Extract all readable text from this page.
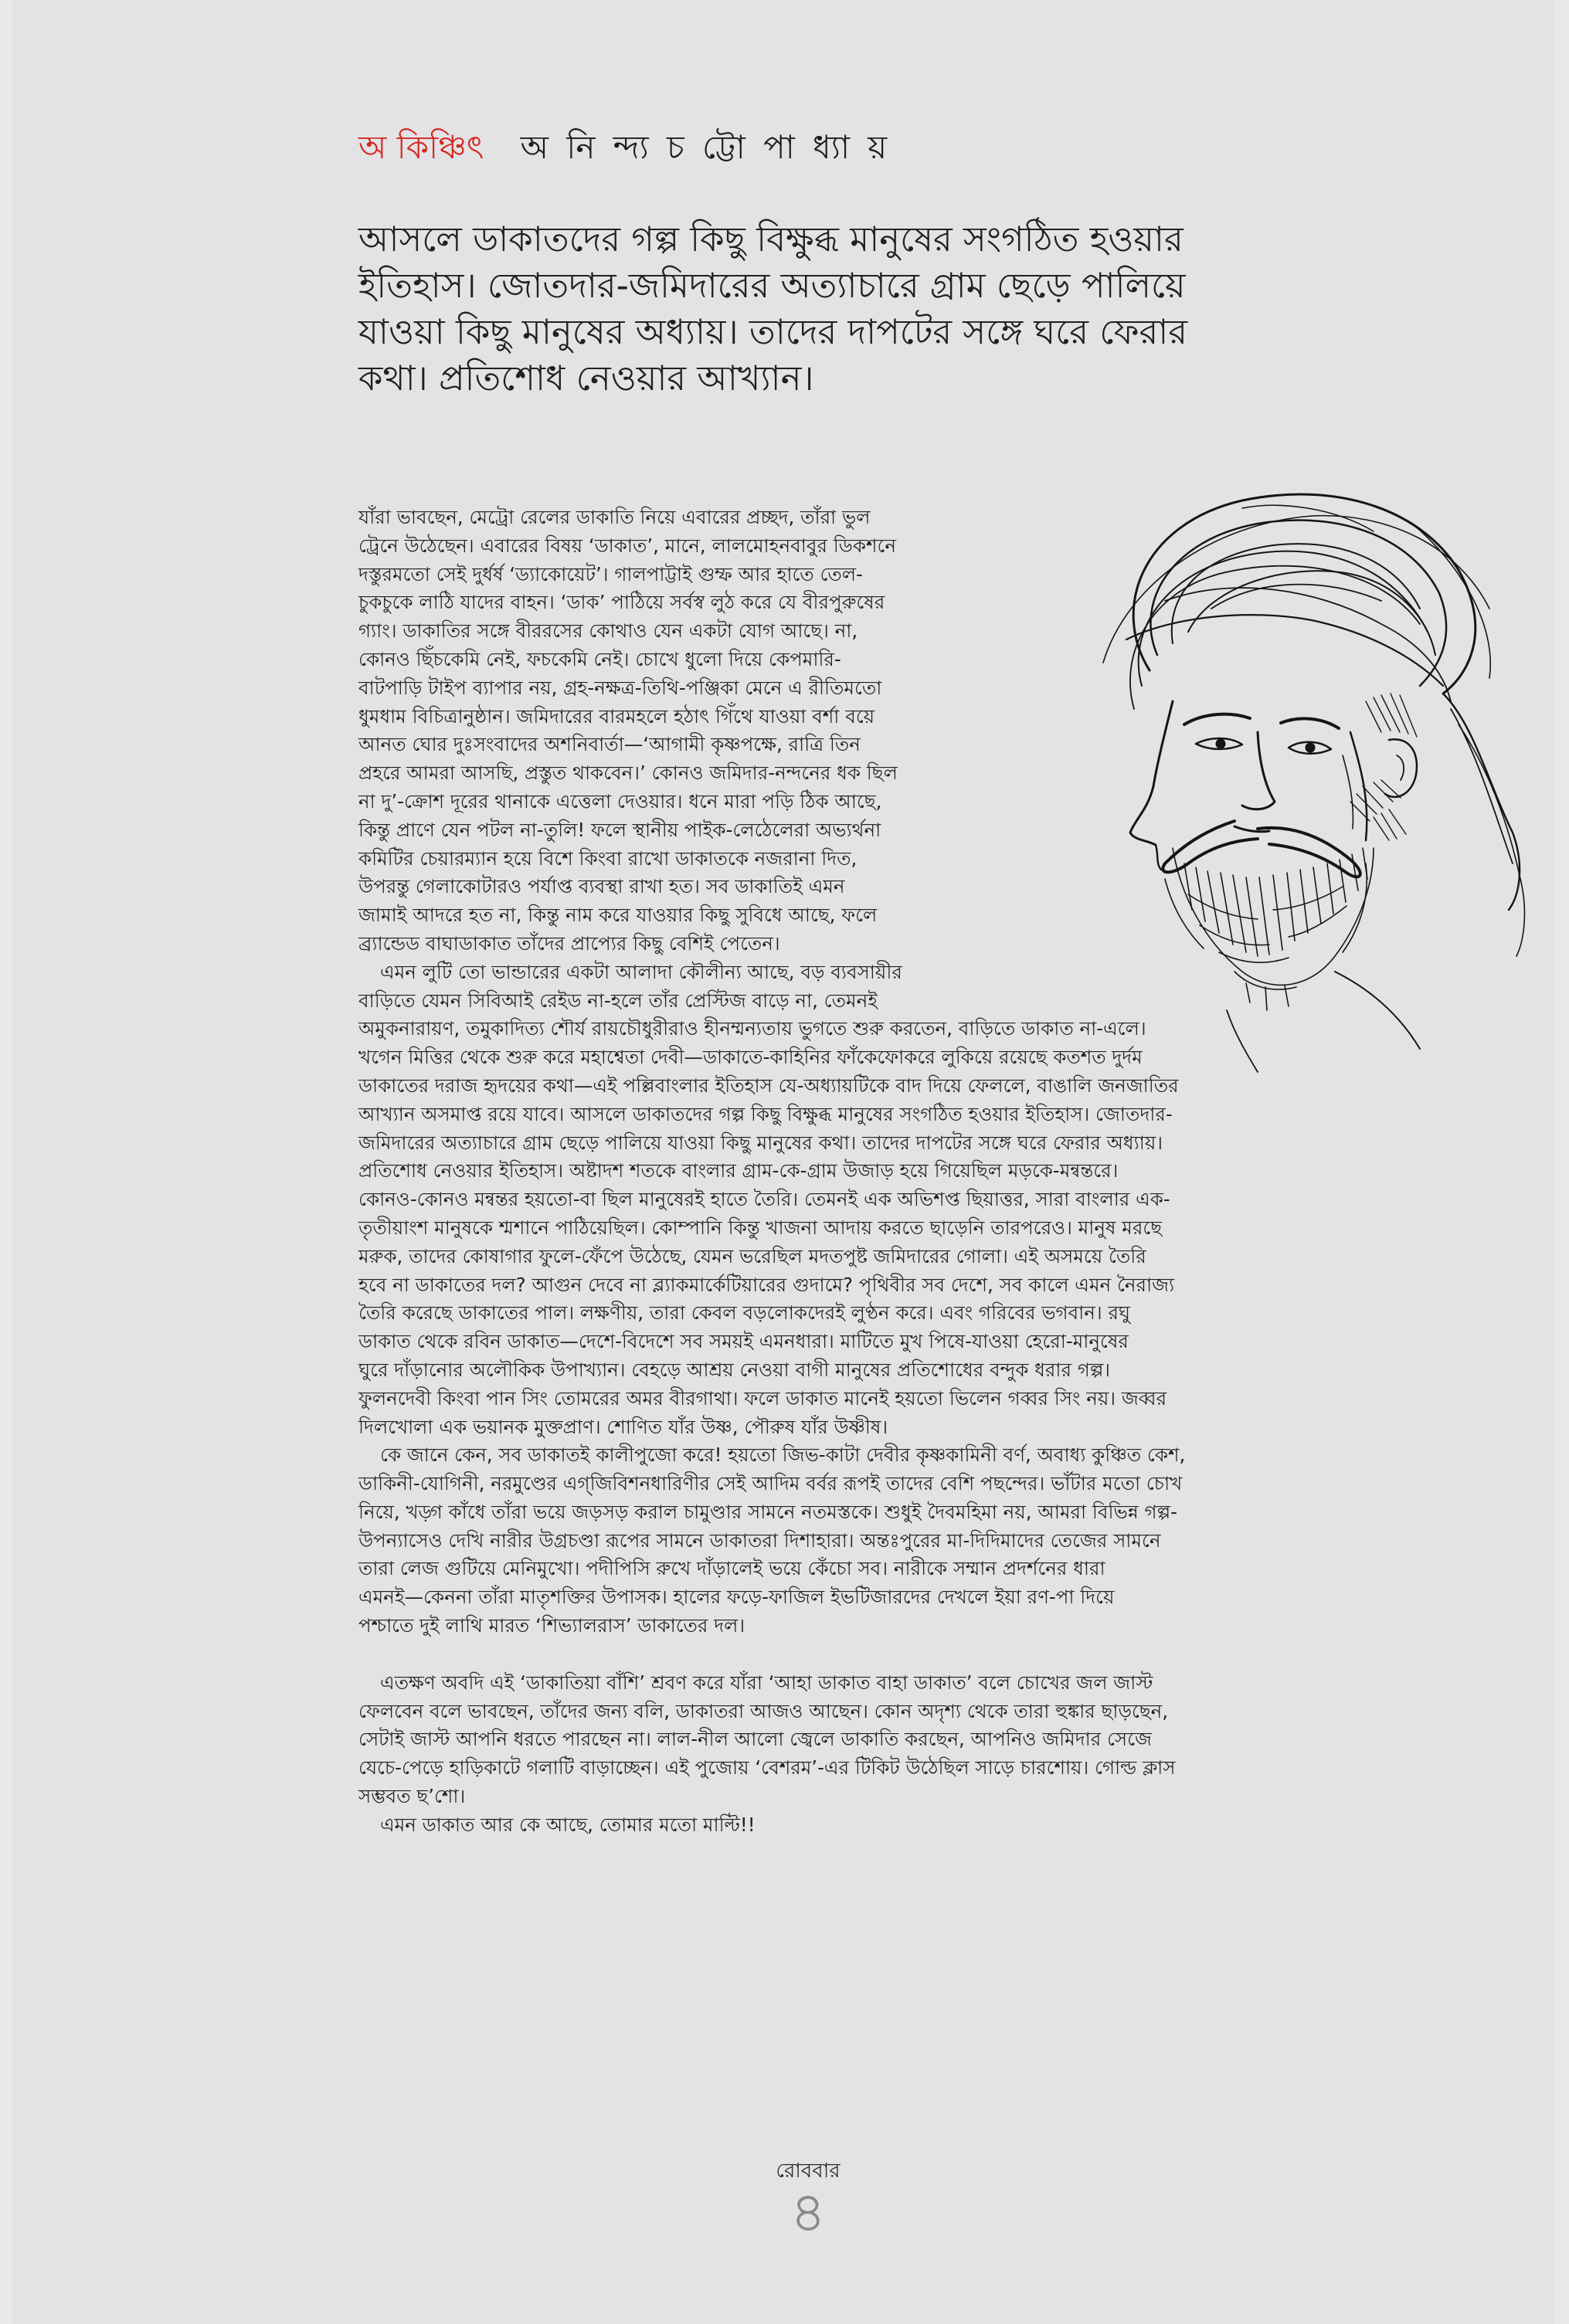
অ কিঞ্চিৎ অ নি ন্দ্য চ ট্টো পা ধ্যা য়

আসলে ডাকাতদের গল্প কিছু বিক্ষুব্ধ মানুষের সংগঠিত হওয়ার

ইতিহাস। জোতদার-জমিদারের অত্যাচারে গ্রাম ছেড়ে পালিয়ে

যাওয়া কিছু মানুষের অধ্যায়। তাদের দাপটের সঙ্গে ঘরে ফেরার

কথা। প্রতিশোধ নেওয়ার আখ্যান।

যাঁরা ভাবছেন, মেট্রো রেলের ডাকাতি নিয়ে এবারের প্রচ্ছদ, তাঁরা ভুল

ট্রেনে উঠেছেন। এবারের বিষয় ‘ডাকাত’, মানে, লালমোহনবাবুর ডিকশনে

দস্তুরমতো সেই দুর্ধর্ষ ‘ড্যাকোয়েট’। গালপাট্টাই গুম্ফ আর হাতে তেল-

চুকচুকে লাঠি যাদের বাহন। ‘ডাক’ পাঠিয়ে সর্বস্ব লুঠ করে যে বীরপুরুষের

গ্যাং। ডাকাতির সঙ্গে বীররসের কোথাও যেন একটা যোগ আছে। না,

কোনও ছিঁচকেমি নেই, ফচকেমি নেই। চোখে ধুলো দিয়ে কেপমারি-

বাটপাড়ি টাইপ ব্যাপার নয়, গ্রহ-নক্ষত্র-তিথি-পঞ্জিকা মেনে এ রীতিমতো

ধুমধাম বিচিত্রানুষ্ঠান। জমিদারের বারমহলে হঠাৎ গিঁথে যাওয়া বর্শা বয়ে

আনত ঘোর দুঃসংবাদের অশনিবার্তা—‘আগামী কৃষ্ণপক্ষে, রাত্রি তিন

প্রহরে আমরা আসছি, প্রস্তুত থাকবেন।’ কোনও জমিদার-নন্দনের ধক ছিল

না দু’-ক্রোশ দূরের থানাকে এত্তেলা দেওয়ার। ধনে মারা পড়ি ঠিক আছে,

কিন্তু প্রাণে যেন পটল না-তুলি! ফলে স্থানীয় পাইক-লেঠেলেরা অভ্যর্থনা

কমিটির চেয়ারম্যান হয়ে বিশে কিংবা রাখো ডাকাতকে নজরানা দিত,

উপরন্তু গেলাকোটারও পর্যাপ্ত ব্যবস্থা রাখা হত। সব ডাকাতিই এমন

জামাই আদরে হত না, কিন্তু নাম করে যাওয়ার কিছু সুবিধে আছে, ফলে

ব্র্যান্ডেড বাঘাডাকাত তাঁদের প্রাপ্যের কিছু বেশিই পেতেন।

এমন লুটি তো ভান্ডারের একটা আলাদা কৌলীন্য আছে, বড় ব্যবসায়ীর

বাড়িতে যেমন সিবিআই রেইড না-হলে তাঁর প্রেস্টিজ বাড়ে না, তেমনই

অমুকনারায়ণ, তমুকাদিত্য শৌর্য রায়চৌধুরীরাও হীনম্মন্যতায় ভুগতে শুরু করতেন, বাড়িতে ডাকাত না-এলে।

খগেন মিত্তির থেকে শুরু করে মহাশ্বেতা দেবী—ডাকাতে-কাহিনির ফাঁকেফোকরে লুকিয়ে রয়েছে কতশত দুর্দম

ডাকাতের দরাজ হৃদয়ের কথা—এই পল্লিবাংলার ইতিহাস যে-অধ্যায়টিকে বাদ দিয়ে ফেললে, বাঙালি জনজাতির

আখ্যান অসমাপ্ত রয়ে যাবে। আসলে ডাকাতদের গল্প কিছু বিক্ষুব্ধ মানুষের সংগঠিত হওয়ার ইতিহাস। জোতদার-

জমিদারের অত্যাচারে গ্রাম ছেড়ে পালিয়ে যাওয়া কিছু মানুষের কথা। তাদের দাপটের সঙ্গে ঘরে ফেরার অধ্যায়।

প্রতিশোধ নেওয়ার ইতিহাস। অষ্টাদশ শতকে বাংলার গ্রাম-কে-গ্রাম উজাড় হয়ে গিয়েছিল মড়কে-মন্বন্তরে।

কোনও-কোনও মন্বন্তর হয়তো-বা ছিল মানুষেরই হাতে তৈরি। তেমনই এক অভিশপ্ত ছিয়াত্তর, সারা বাংলার এক-

তৃতীয়াংশ মানুষকে শ্মশানে পাঠিয়েছিল। কোম্পানি কিন্তু খাজনা আদায় করতে ছাড়েনি তারপরেও। মানুষ মরছে

মরুক, তাদের কোষাগার ফুলে-ফেঁপে উঠেছে, যেমন ভরেছিল মদতপুষ্ট জমিদারের গোলা। এই অসময়ে তৈরি

হবে না ডাকাতের দল? আগুন দেবে না ব্ল্যাকমার্কেটিয়ারের গুদামে? পৃথিবীর সব দেশে, সব কালে এমন নৈরাজ্য

তৈরি করেছে ডাকাতের পাল। লক্ষণীয়, তারা কেবল বড়লোকদেরই লুণ্ঠন করে। এবং গরিবের ভগবান। রঘু

ডাকাত থেকে রবিন ডাকাত—দেশে-বিদেশে সব সময়ই এমনধারা। মাটিতে মুখ পিষে-যাওয়া হেরো-মানুষের

ঘুরে দাঁড়ানোর অলৌকিক উপাখ্যান। বেহড়ে আশ্রয় নেওয়া বাগী মানুষের প্রতিশোধের বন্দুক ধরার গল্প।

ফুলনদেবী কিংবা পান সিং তোমরের অমর বীরগাথা। ফলে ডাকাত মানেই হয়তো ভিলেন গব্বর সিং নয়। জব্বর

দিলখোলা এক ভয়ানক মুক্তপ্রাণ। শোণিত যাঁর উষ্ণ, পৌরুষ যাঁর উষ্ণীষ।

কে জানে কেন, সব ডাকাতই কালীপুজো করে! হয়তো জিভ-কাটা দেবীর কৃষ্ণকামিনী বর্ণ, অবাধ্য কুঞ্চিত কেশ,

ডাকিনী-যোগিনী, নরমুণ্ডের এগ্‌জিবিশনধারিণীর সেই আদিম বর্বর রূপই তাদের বেশি পছন্দের। ভাঁটার মতো চোখ

নিয়ে, খড়্গ কাঁধে তাঁরা ভয়ে জড়সড় করাল চামুণ্ডার সামনে নতমস্তকে। শুধুই দৈবমহিমা নয়, আমরা বিভিন্ন গল্প-

উপন্যাসেও দেখি নারীর উগ্রচণ্ডা রূপের সামনে ডাকাতরা দিশাহারা। অন্তঃপুরের মা-দিদিমাদের তেজের সামনে

তারা লেজ গুটিয়ে মেনিমুখো। পদীপিসি রুখে দাঁড়ালেই ভয়ে কেঁচো সব। নারীকে সম্মান প্রদর্শনের ধারা

এমনই—কেননা তাঁরা মাতৃশক্তির উপাসক। হালের ফড়ে-ফাজিল ইভটিজারদের দেখলে ইয়া রণ-পা দিয়ে

পশ্চাতে দুই লাথি মারত ‘শিভ্যালরাস’ ডাকাতের দল।

এতক্ষণ অবদি এই ‘ডাকাতিয়া বাঁশি’ শ্রবণ করে যাঁরা ‘আহা ডাকাত বাহা ডাকাত’ বলে চোখের জল জাস্ট

ফেলবেন বলে ভাবছেন, তাঁদের জন্য বলি, ডাকাতরা আজও আছেন। কোন অদৃশ্য থেকে তারা হুঙ্কার ছাড়ছেন,

সেটাই জাস্ট আপনি ধরতে পারছেন না। লাল-নীল আলো জ্বেলে ডাকাতি করছেন, আপনিও জমিদার সেজে

যেচে-পেড়ে হাড়িকাটে গলাটি বাড়াচ্ছেন। এই পুজোয় ‘বেশরম’-এর টিকিট উঠেছিল সাড়ে চারশোয়। গোল্ড ক্লাস

সম্ভবত ছ’শো।

এমন ডাকাত আর কে আছে, তোমার মতো মাল্টি!!

রোববার
৪
